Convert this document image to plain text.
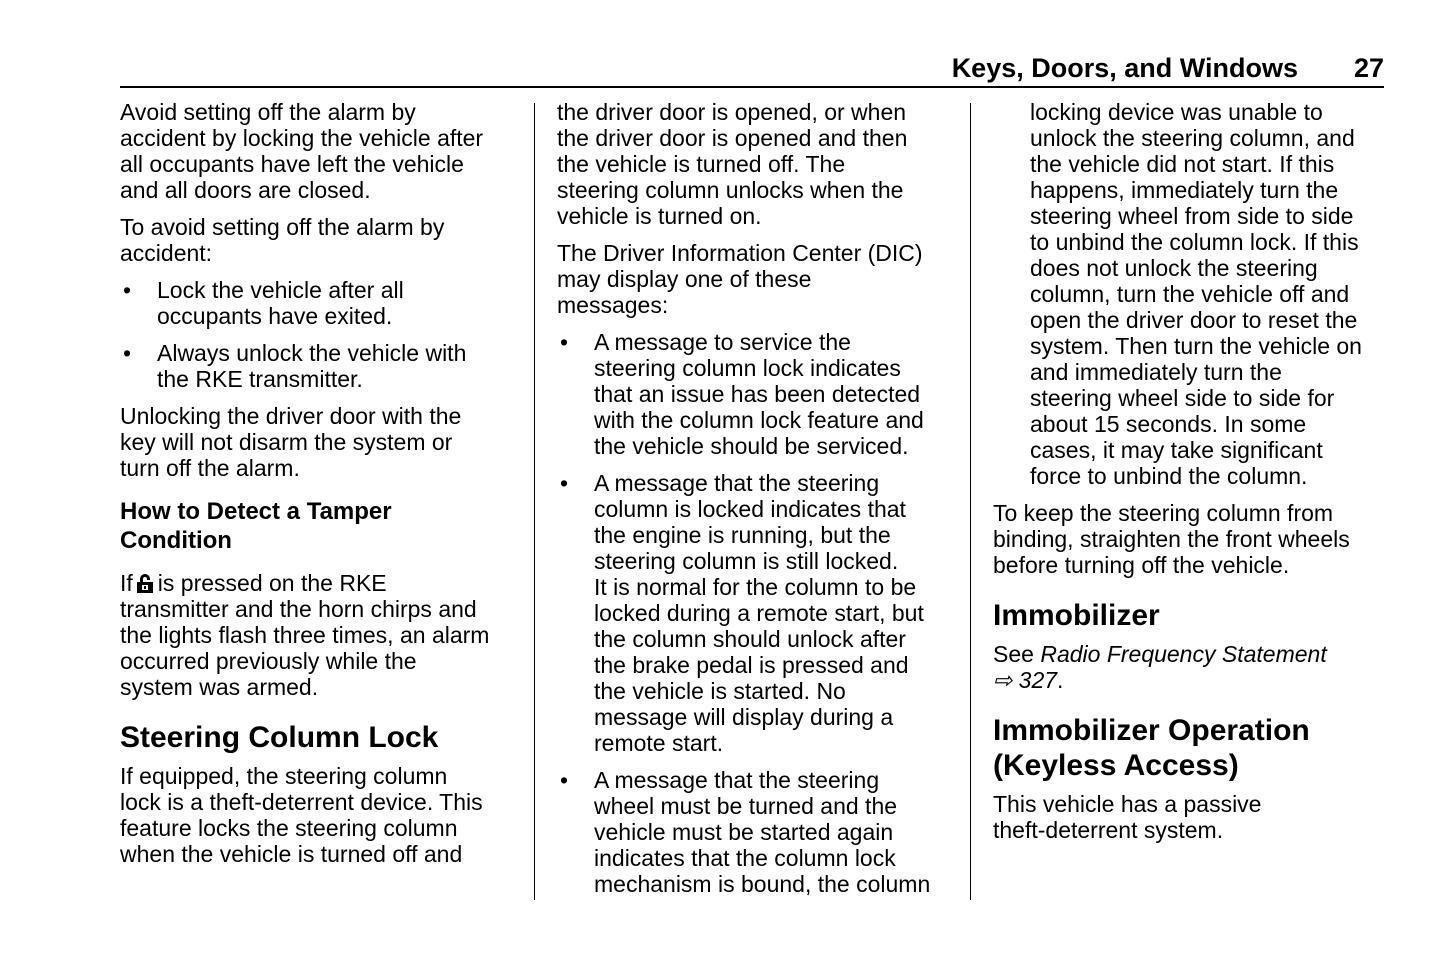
Keys, Doors, and Windows 27
Avoid setting off the alarm by
accident by locking the vehicle after
all occupants have left the vehicle
and all doors are closed.
To avoid setting off the alarm by
accident:
• Lock the vehicle after all
occupants have exited.
• Always unlock the vehicle with
the RKE transmitter.
Unlocking the driver door with the
key will not disarm the system or
turn off the alarm.
How to Detect a Tamper
Condition
If is pressed on the RKE
transmitter and the horn chirps and
the lights flash three times, an alarm
occurred previously while the
system was armed.
Steering Column Lock
If equipped, the steering column
lock is a theft-deterrent device. This
feature locks the steering column
when the vehicle is turned off and
the driver door is opened, or when
the driver door is opened and then
the vehicle is turned off. The
steering column unlocks when the
vehicle is turned on.
The Driver Information Center (DIC)
may display one of these
messages:
• A message to service the
steering column lock indicates
that an issue has been detected
with the column lock feature and
the vehicle should be serviced.
• A message that the steering
column is locked indicates that
the engine is running, but the
steering column is still locked.
It is normal for the column to be
locked during a remote start, but
the column should unlock after
the brake pedal is pressed and
the vehicle is started. No
message will display during a
remote start.
• A message that the steering
wheel must be turned and the
vehicle must be started again
indicates that the column lock
mechanism is bound, the column
locking device was unable to
unlock the steering column, and
the vehicle did not start. If this
happens, immediately turn the
steering wheel from side to side
to unbind the column lock. If this
does not unlock the steering
column, turn the vehicle off and
open the driver door to reset the
system. Then turn the vehicle on
and immediately turn the
steering wheel side to side for
about 15 seconds. In some
cases, it may take significant
force to unbind the column.
To keep the steering column from
binding, straighten the front wheels
before turning off the vehicle.
Immobilizer
See Radio Frequency Statement
⇨ 327.
Immobilizer Operation
(Keyless Access)
This vehicle has a passive
theft-deterrent system.
